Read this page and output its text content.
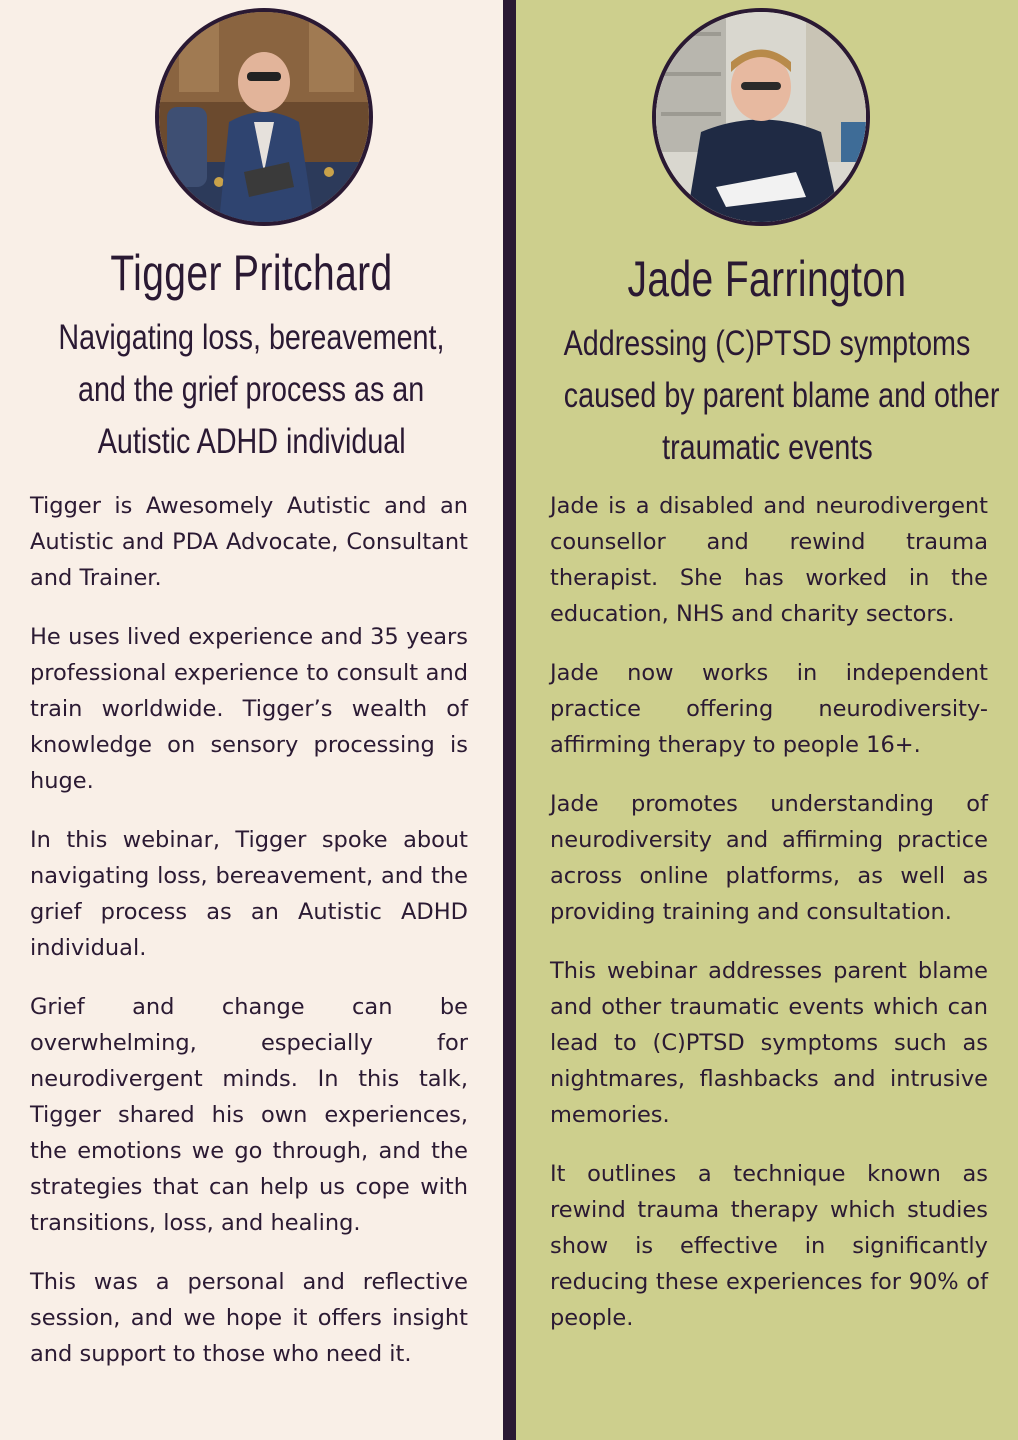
Tigger Pritchard
Navigating loss, bereavement,
and the grief process as an
Autistic ADHD individual

Tigger is Awesomely Autistic and an Autistic and PDA Advocate, Consultant and Trainer.

He uses lived experience and 35 years professional experience to consult and train worldwide. Tigger’s wealth of knowledge on sensory processing is huge.

In this webinar, Tigger spoke about navigating loss, bereavement, and the grief process as an Autistic ADHD individual.

Grief and change can be overwhelming, especially for neurodivergent minds. In this talk, Tigger shared his own experiences, the emotions we go through, and the strategies that can help us cope with transitions, loss, and healing.

This was a personal and reflective session, and we hope it offers insight and support to those who need it.

Jade Farrington
Addressing (C)PTSD symptoms
caused by parent blame and other
traumatic events

Jade is a disabled and neurodivergent counsellor and rewind trauma therapist. She has worked in the education, NHS and charity sectors.

Jade now works in independent practice offering neurodiversity-affirming therapy to people 16+.

Jade promotes understanding of neurodiversity and affirming practice across online platforms, as well as providing training and consultation.

This webinar addresses parent blame and other traumatic events which can lead to (C)PTSD symptoms such as nightmares, flashbacks and intrusive memories.

It outlines a technique known as rewind trauma therapy which studies show is effective in significantly reducing these experiences for 90% of people.
